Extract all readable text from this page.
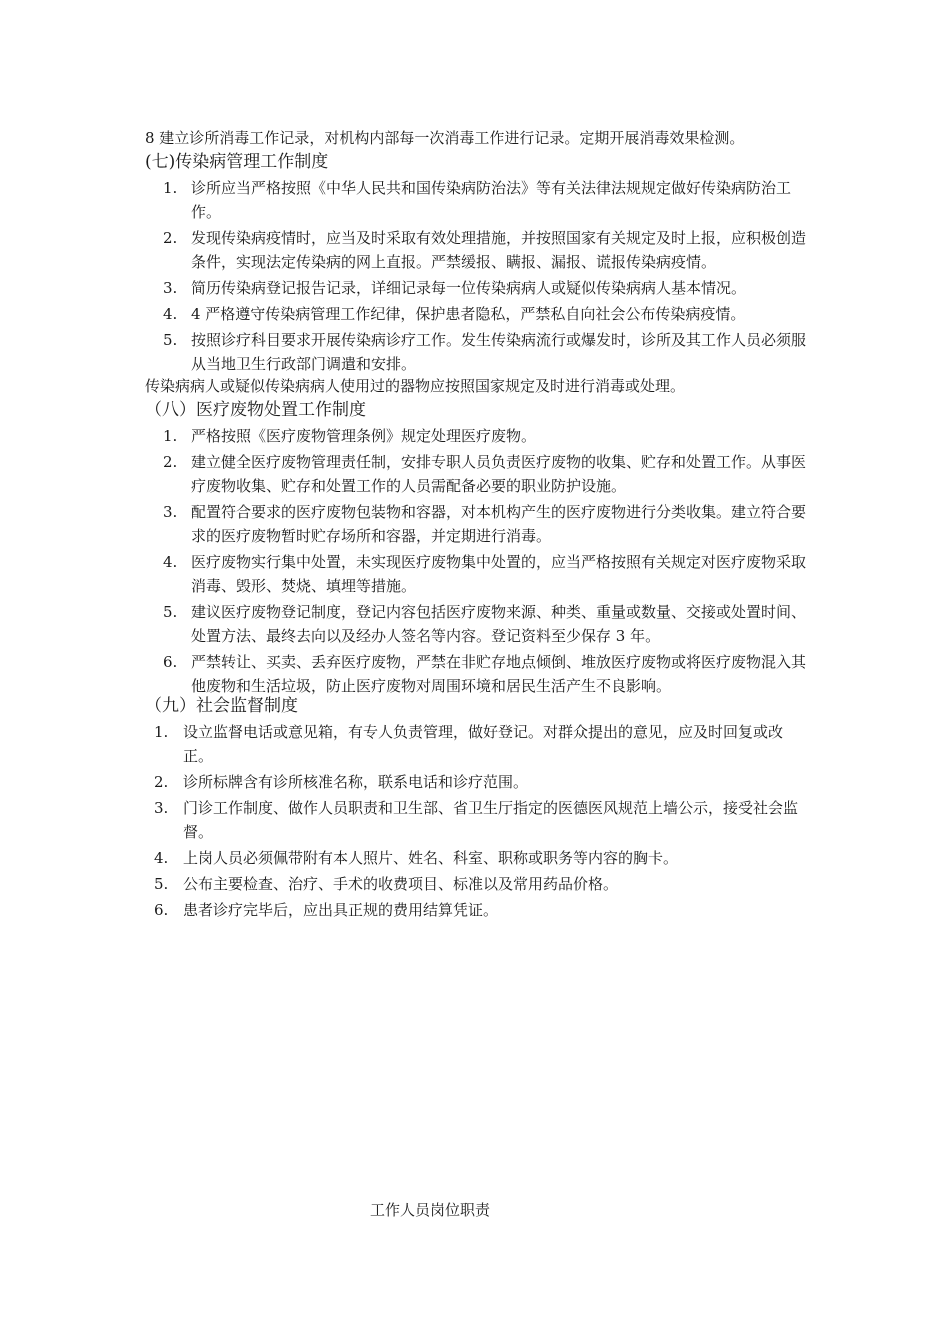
8 建立诊所消毒工作记录，对机构内部每一次消毒工作进行记录。定期开展消毒效果检测。
(七)传染病管理工作制度
1. 诊所应当严格按照《中华人民共和国传染病防治法》等有关法律法规规定做好传染病防治工作。
2. 发现传染病疫情时，应当及时采取有效处理措施，并按照国家有关规定及时上报，应积极创造条件，实现法定传染病的网上直报。严禁缓报、瞒报、漏报、谎报传染病疫情。
3. 简历传染病登记报告记录，详细记录每一位传染病病人或疑似传染病病人基本情况。
4. 4 严格遵守传染病管理工作纪律，保护患者隐私，严禁私自向社会公布传染病疫情。
5. 按照诊疗科目要求开展传染病诊疗工作。发生传染病流行或爆发时，诊所及其工作人员必须服从当地卫生行政部门调遣和安排。
传染病病人或疑似传染病病人使用过的器物应按照国家规定及时进行消毒或处理。
（八）医疗废物处置工作制度
1. 严格按照《医疗废物管理条例》规定处理医疗废物。
2. 建立健全医疗废物管理责任制，安排专职人员负责医疗废物的收集、贮存和处置工作。从事医疗废物收集、贮存和处置工作的人员需配备必要的职业防护设施。
3. 配置符合要求的医疗废物包装物和容器，对本机构产生的医疗废物进行分类收集。建立符合要求的医疗废物暂时贮存场所和容器，并定期进行消毒。
4. 医疗废物实行集中处置，未实现医疗废物集中处置的，应当严格按照有关规定对医疗废物采取消毒、毁形、焚烧、填埋等措施。
5. 建议医疗废物登记制度，登记内容包括医疗废物来源、种类、重量或数量、交接或处置时间、处置方法、最终去向以及经办人签名等内容。登记资料至少保存 3 年。
6. 严禁转让、买卖、丢弃医疗废物，严禁在非贮存地点倾倒、堆放医疗废物或将医疗废物混入其他废物和生活垃圾，防止医疗废物对周围环境和居民生活产生不良影响。
（九）社会监督制度
1. 设立监督电话或意见箱，有专人负责管理，做好登记。对群众提出的意见，应及时回复或改正。
2. 诊所标牌含有诊所核准名称，联系电话和诊疗范围。
3. 门诊工作制度、做作人员职责和卫生部、省卫生厅指定的医德医风规范上墙公示，接受社会监督。
4. 上岗人员必须佩带附有本人照片、姓名、科室、职称或职务等内容的胸卡。
5. 公布主要检查、治疗、手术的收费项目、标准以及常用药品价格。
6. 患者诊疗完毕后，应出具正规的费用结算凭证。
工作人员岗位职责
